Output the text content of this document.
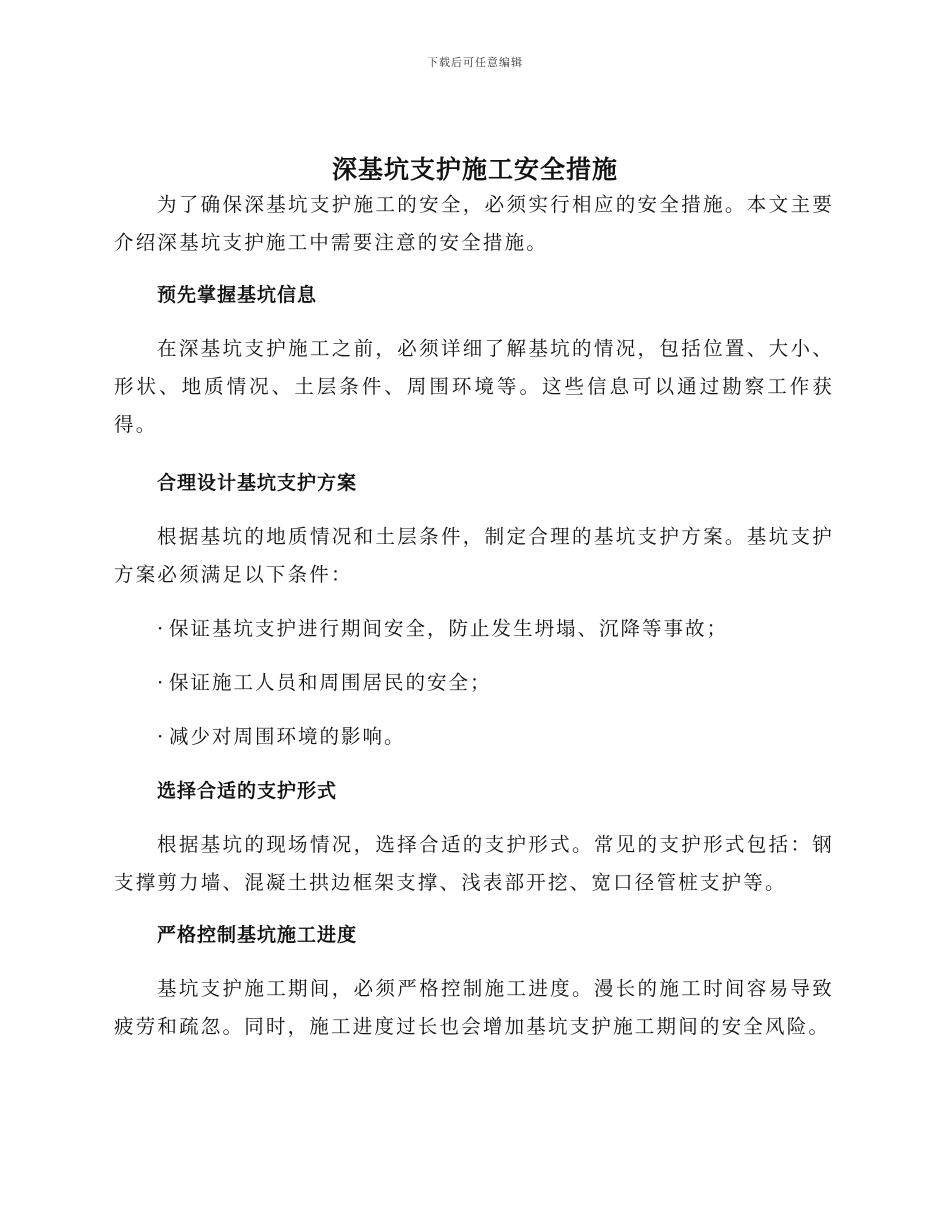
下载后可任意编辑
深基坑支护施工安全措施

为了确保深基坑支护施工的安全，必须实行相应的安全措施。本文主要介绍深基坑支护施工中需要注意的安全措施。

预先掌握基坑信息

在深基坑支护施工之前，必须详细了解基坑的情况，包括位置、大小、形状、地质情况、土层条件、周围环境等。这些信息可以通过勘察工作获得。

合理设计基坑支护方案

根据基坑的地质情况和土层条件，制定合理的基坑支护方案。基坑支护方案必须满足以下条件：

· 保证基坑支护进行期间安全，防止发生坍塌、沉降等事故；

· 保证施工人员和周围居民的安全；

· 减少对周围环境的影响。

选择合适的支护形式

根据基坑的现场情况，选择合适的支护形式。常见的支护形式包括：钢支撑剪力墙、混凝土拱边框架支撑、浅表部开挖、宽口径管桩支护等。

严格控制基坑施工进度

基坑支护施工期间，必须严格控制施工进度。漫长的施工时间容易导致疲劳和疏忽。同时，施工进度过长也会增加基坑支护施工期间的安全风险。
